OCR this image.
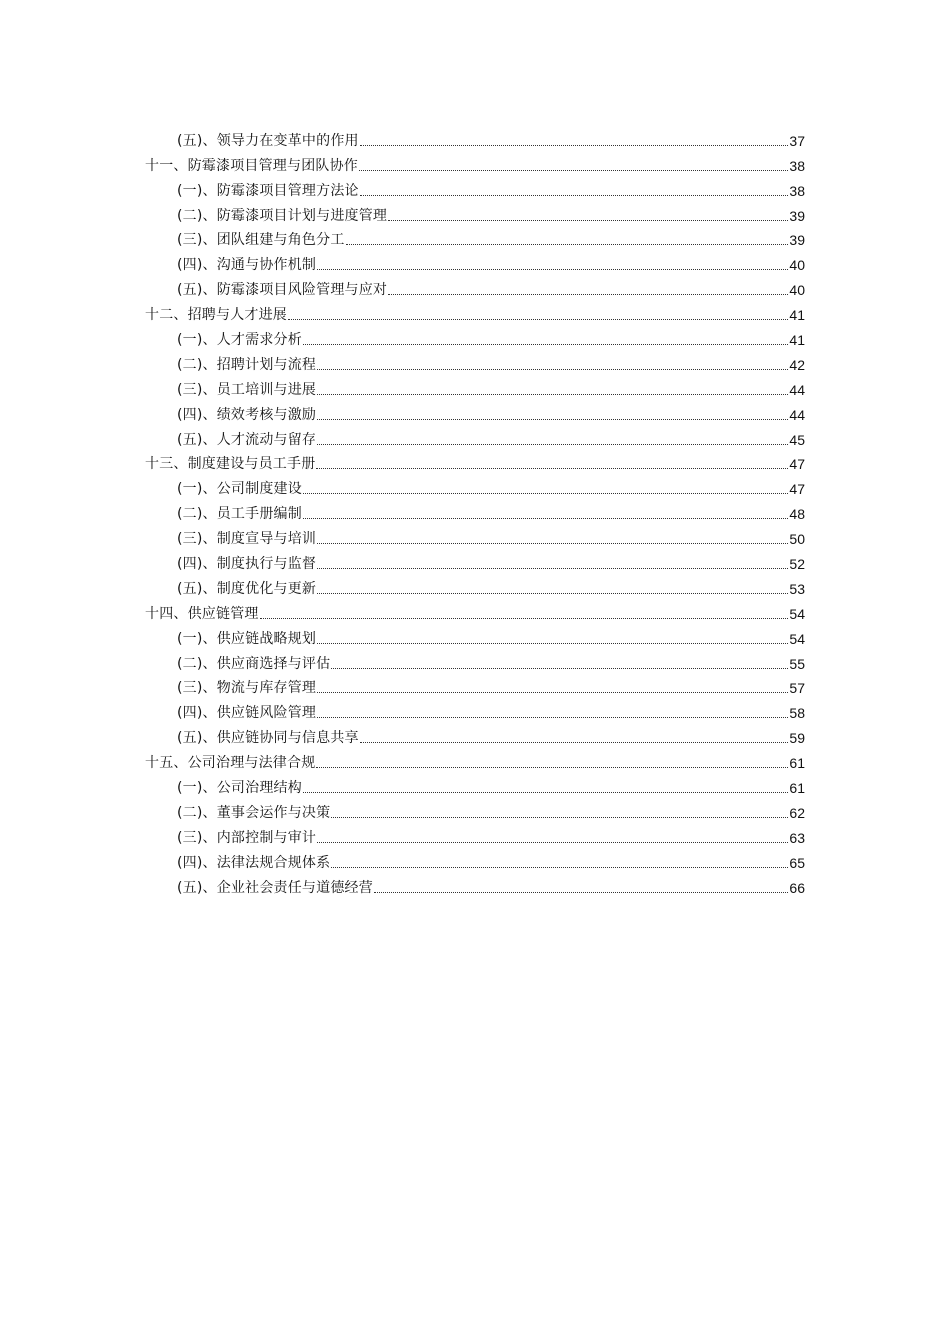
(五)、领导力在变革中的作用	37
十一、防霉漆项目管理与团队协作	38
(一)、防霉漆项目管理方法论	38
(二)、防霉漆项目计划与进度管理	39
(三)、团队组建与角色分工	39
(四)、沟通与协作机制	40
(五)、防霉漆项目风险管理与应对	40
十二、招聘与人才进展	41
(一)、人才需求分析	41
(二)、招聘计划与流程	42
(三)、员工培训与进展	44
(四)、绩效考核与激励	44
(五)、人才流动与留存	45
十三、制度建设与员工手册	47
(一)、公司制度建设	47
(二)、员工手册编制	48
(三)、制度宣导与培训	50
(四)、制度执行与监督	52
(五)、制度优化与更新	53
十四、供应链管理	54
(一)、供应链战略规划	54
(二)、供应商选择与评估	55
(三)、物流与库存管理	57
(四)、供应链风险管理	58
(五)、供应链协同与信息共享	59
十五、公司治理与法律合规	61
(一)、公司治理结构	61
(二)、董事会运作与决策	62
(三)、内部控制与审计	63
(四)、法律法规合规体系	65
(五)、企业社会责任与道德经营	66
